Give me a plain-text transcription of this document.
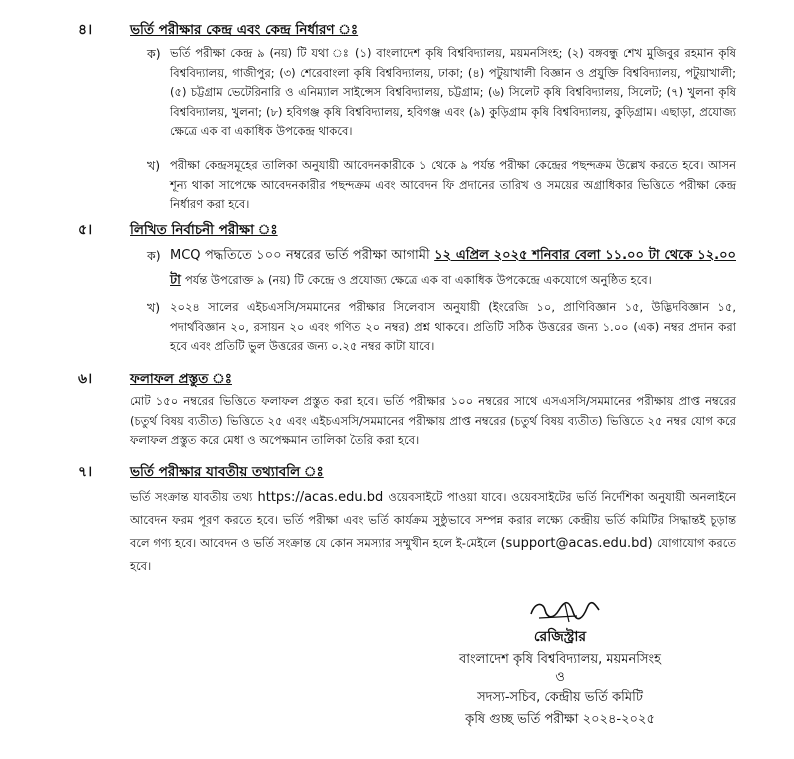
৪।	ভর্তি পরীক্ষার কেন্দ্র এবং কেন্দ্র নির্ধারণ ঃ
ক) ভর্তি পরীক্ষা কেন্দ্র ৯ (নয়) টি যথা ঃ (১) বাংলাদেশ কৃষি বিশ্ববিদ্যালয়, ময়মনসিংহ; (২) বঙ্গবন্ধু শেখ মুজিবুর রহমান কৃষি বিশ্ববিদ্যালয়, গাজীপুর; (৩) শেরেবাংলা কৃষি বিশ্ববিদ্যালয়, ঢাকা; (৪) পটুয়াখালী বিজ্ঞান ও প্রযুক্তি বিশ্ববিদ্যালয়, পটুয়াখালী; (৫) চট্টগ্রাম ভেটেরিনারি ও এনিম্যাল সাইন্সেস বিশ্ববিদ্যালয়, চট্টগ্রাম; (৬) সিলেট কৃষি বিশ্ববিদ্যালয়, সিলেট; (৭) খুলনা কৃষি বিশ্ববিদ্যালয়, খুলনা; (৮) হবিগঞ্জ কৃষি বিশ্ববিদ্যালয়, হবিগঞ্জ এবং (৯) কুড়িগ্রাম কৃষি বিশ্ববিদ্যালয়, কুড়িগ্রাম। এছাড়া, প্রযোজ্য ক্ষেত্রে এক বা একাধিক উপকেন্দ্র থাকবে।
খ) পরীক্ষা কেন্দ্রসমূহের তালিকা অনুযায়ী আবেদনকারীকে ১ থেকে ৯ পর্যন্ত পরীক্ষা কেন্দ্রের পছন্দক্রম উল্লেখ করতে হবে। আসন শূন্য থাকা সাপেক্ষে আবেদনকারীর পছন্দক্রম এবং আবেদন ফি প্রদানের তারিখ ও সময়ের অগ্রাধিকার ভিত্তিতে পরীক্ষা কেন্দ্র নির্ধারণ করা হবে।
৫।	লিখিত নির্বাচনী পরীক্ষা ঃ
ক) MCQ পদ্ধতিতে ১০০ নম্বরের ভর্তি পরীক্ষা আগামী ১২ এপ্রিল ২০২৫ শনিবার বেলা ১১.০০ টা থেকে ১২.০০ টা পর্যন্ত উপরোক্ত ৯ (নয়) টি কেন্দ্রে ও প্রযোজ্য ক্ষেত্রে এক বা একাধিক উপকেন্দ্রে একযোগে অনুষ্ঠিত হবে।
খ) ২০২৪ সালের এইচএসসি/সমমানের পরীক্ষার সিলেবাস অনুযায়ী (ইংরেজি ১০, প্রাণিবিজ্ঞান ১৫, উদ্ভিদবিজ্ঞান ১৫, পদার্থবিজ্ঞান ২০, রসায়ন ২০ এবং গণিত ২০ নম্বর) প্রশ্ন থাকবে। প্রতিটি সঠিক উত্তরের জন্য ১.০০ (এক) নম্বর প্রদান করা হবে এবং প্রতিটি ভুল উত্তরের জন্য ০.২৫ নম্বর কাটা যাবে।
৬।	ফলাফল প্রস্তুত ঃ
মোট ১৫০ নম্বরের ভিত্তিতে ফলাফল প্রস্তুত করা হবে। ভর্তি পরীক্ষার ১০০ নম্বরের সাথে এসএসসি/সমমানের পরীক্ষায় প্রাপ্ত নম্বরের (চতুর্থ বিষয় ব্যতীত) ভিত্তিতে ২৫ এবং এইচএসসি/সমমানের পরীক্ষায় প্রাপ্ত নম্বরের (চতুর্থ বিষয় ব্যতীত) ভিত্তিতে ২৫ নম্বর যোগ করে ফলাফল প্রস্তুত করে মেধা ও অপেক্ষমান তালিকা তৈরি করা হবে।
৭।	ভর্তি পরীক্ষার যাবতীয় তথ্যাবলি ঃ
ভর্তি সংক্রান্ত যাবতীয় তথ্য https://acas.edu.bd ওয়েবসাইটে পাওয়া যাবে। ওয়েবসাইটের ভর্তি নির্দেশিকা অনুযায়ী অনলাইনে আবেদন ফরম পূরণ করতে হবে। ভর্তি পরীক্ষা এবং ভর্তি কার্যক্রম সুষ্ঠুভাবে সম্পন্ন করার লক্ষ্যে কেন্দ্রীয় ভর্তি কমিটির সিদ্ধান্তই চূড়ান্ত বলে গণ্য হবে। আবেদন ও ভর্তি সংক্রান্ত যে কোন সমস্যার সম্মুখীন হলে ই-মেইলে (support@acas.edu.bd) যোগাযোগ করতে হবে।
রেজিস্ট্রার
বাংলাদেশ কৃষি বিশ্ববিদ্যালয়, ময়মনসিংহ
ও
সদস্য-সচিব, কেন্দ্রীয় ভর্তি কমিটি
কৃষি গুচ্ছ ভর্তি পরীক্ষা ২০২৪-২০২৫
